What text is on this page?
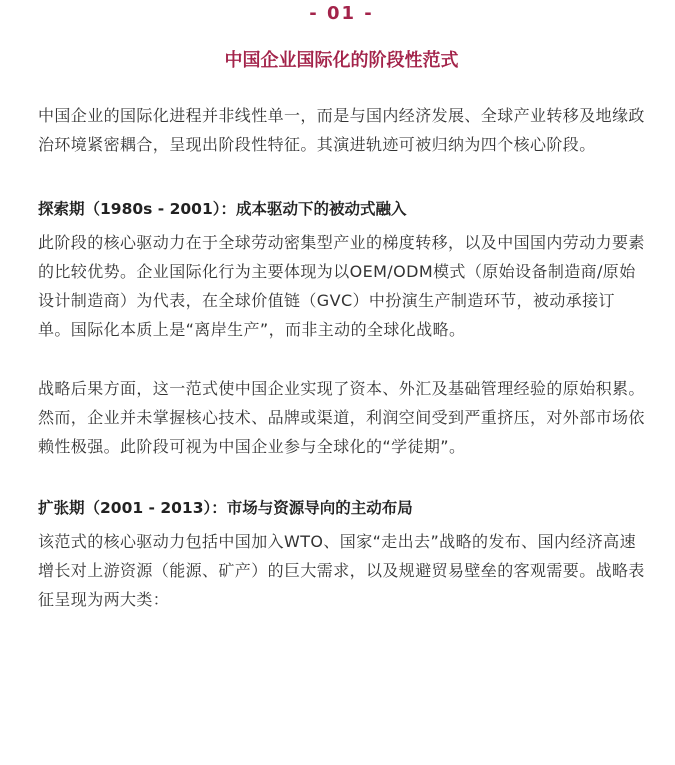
- 01 -
中国企业国际化的阶段性范式

中国企业的国际化进程并非线性单一，而是与国内经济发展、全球产业转移及地缘政治环境紧密耦合，呈现出阶段性特征。其演进轨迹可被归纳为四个核心阶段。

探索期（1980s - 2001）：成本驱动下的被动式融入

此阶段的核心驱动力在于全球劳动密集型产业的梯度转移，以及中国国内劳动力要素的比较优势。企业国际化行为主要体现为以OEM/ODM模式（原始设备制造商/原始设计制造商）为代表，在全球价值链（GVC）中扮演生产制造环节，被动承接订单。国际化本质上是“离岸生产”，而非主动的全球化战略。

战略后果方面，这一范式使中国企业实现了资本、外汇及基础管理经验的原始积累。然而，企业并未掌握核心技术、品牌或渠道，利润空间受到严重挤压，对外部市场依赖性极强。此阶段可视为中国企业参与全球化的“学徒期”。

扩张期（2001 - 2013）：市场与资源导向的主动布局

该范式的核心驱动力包括中国加入WTO、国家“走出去”战略的发布、国内经济高速增长对上游资源（能源、矿产）的巨大需求，以及规避贸易壁垒的客观需要。战略表征呈现为两大类：
